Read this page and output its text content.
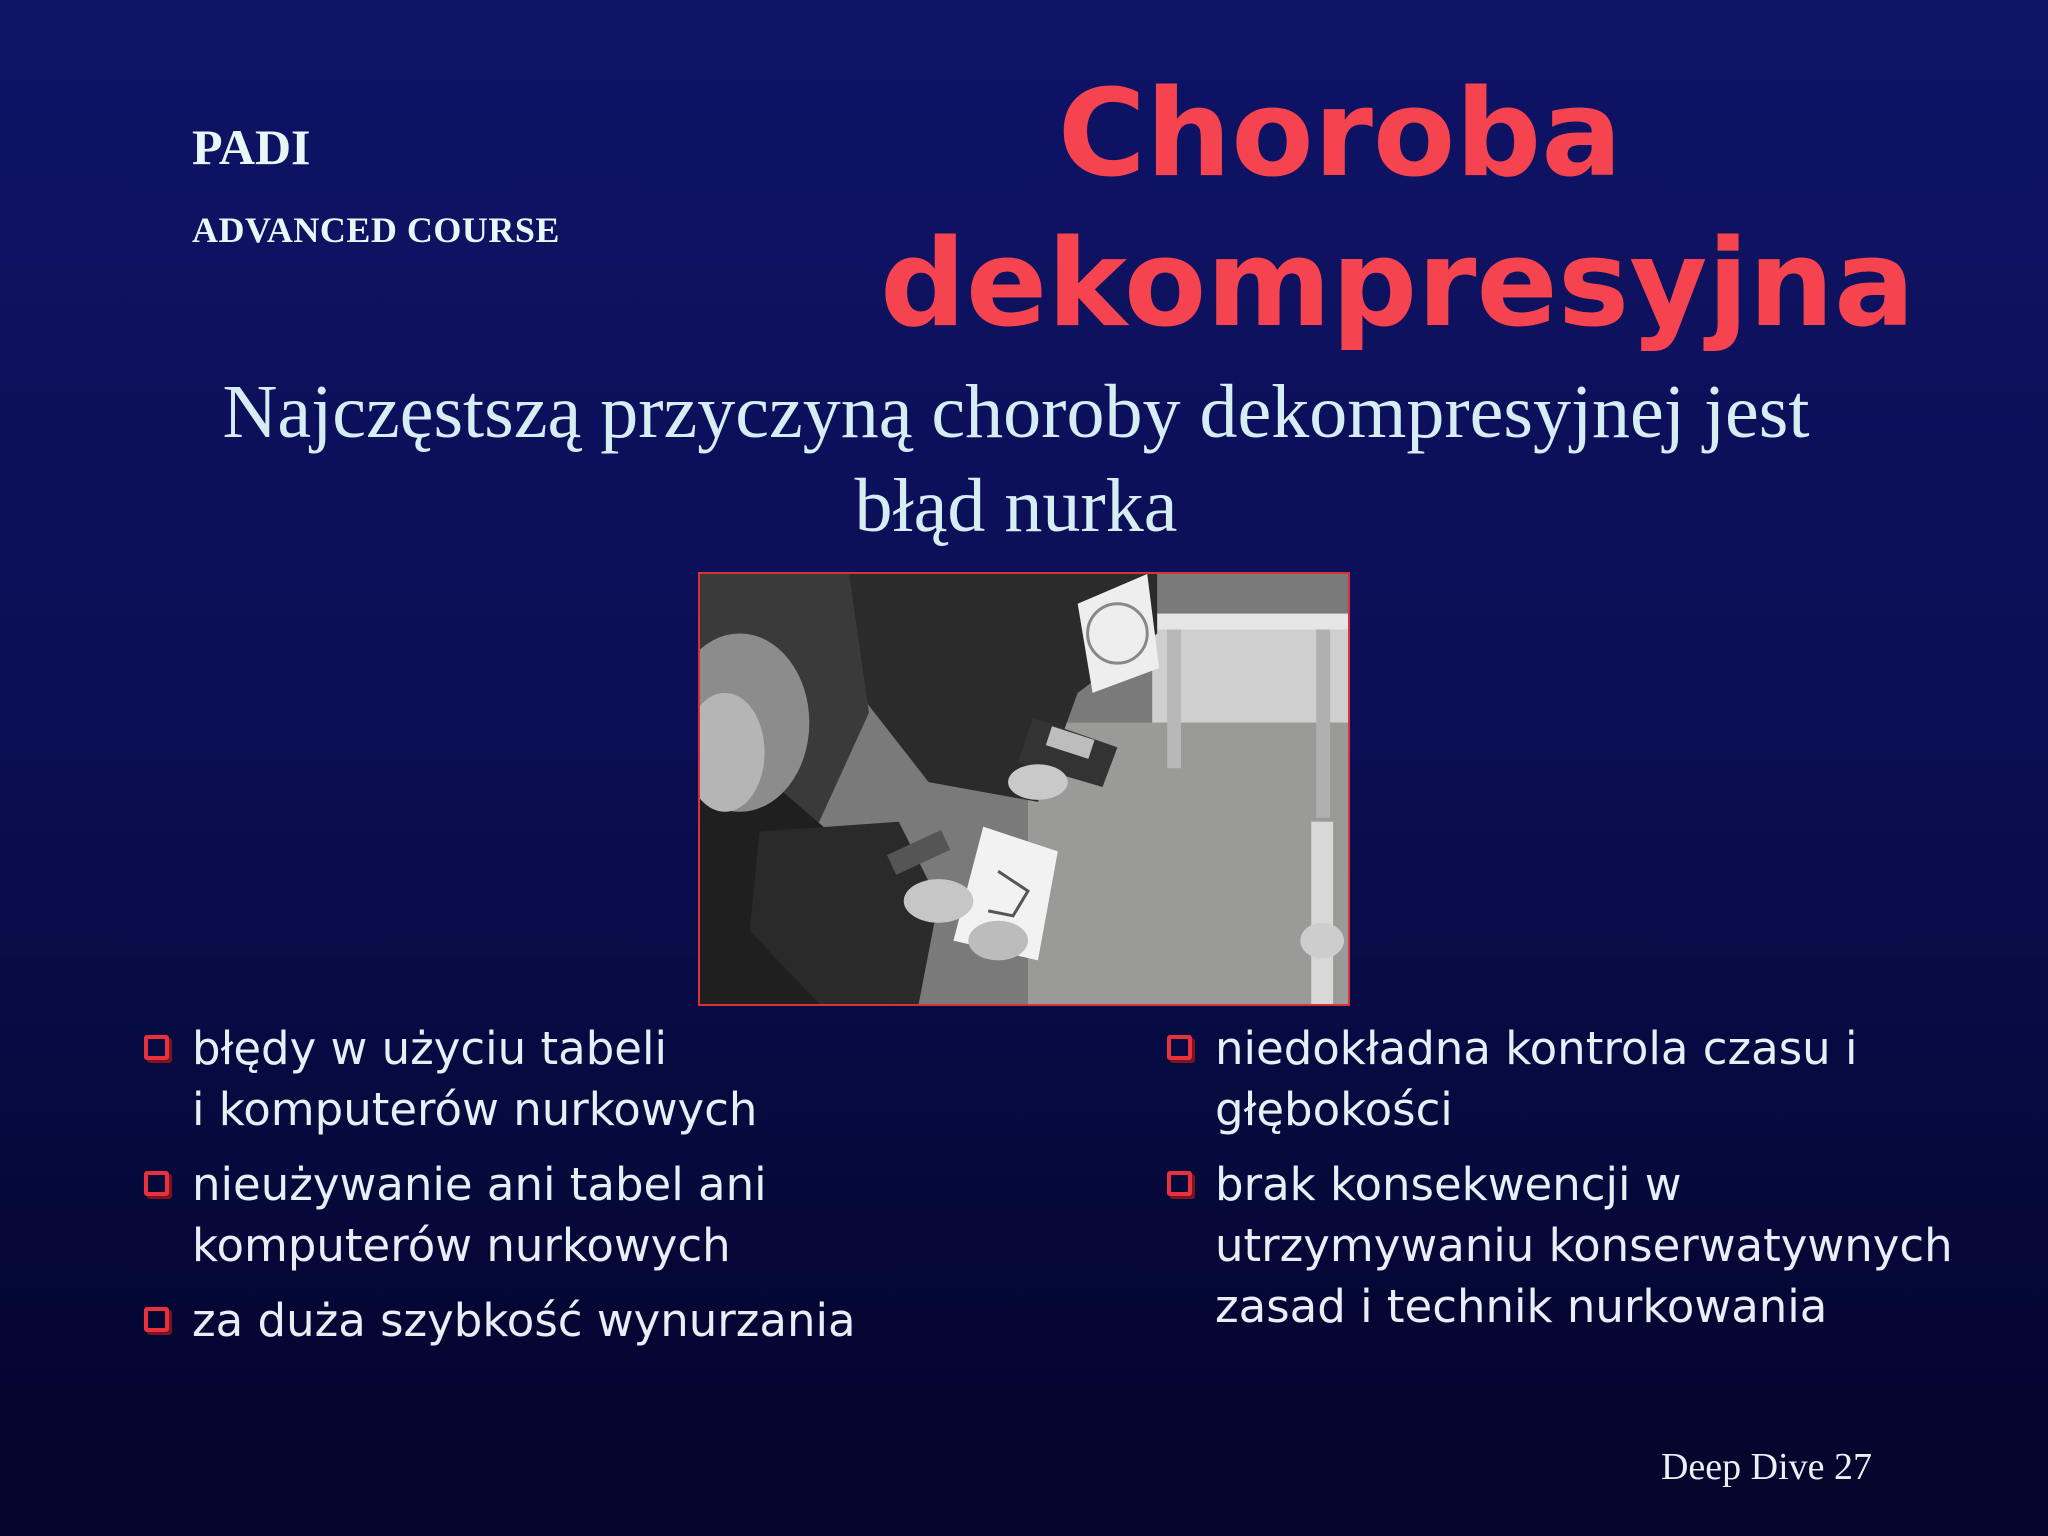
PADI
ADVANCED COURSE
Choroba dekompresyjna
Najczęstszą przyczyną choroby dekompresyjnej jest
błąd nurka
błędy w użyciu tabeli
i komputerów nurkowych
nieużywanie ani tabel ani
komputerów nurkowych
za duża szybkość wynurzania
niedokładna kontrola czasu i
głębokości
brak konsekwencji w
utrzymywaniu konserwatywnych
zasad i technik nurkowania
Deep Dive 27
